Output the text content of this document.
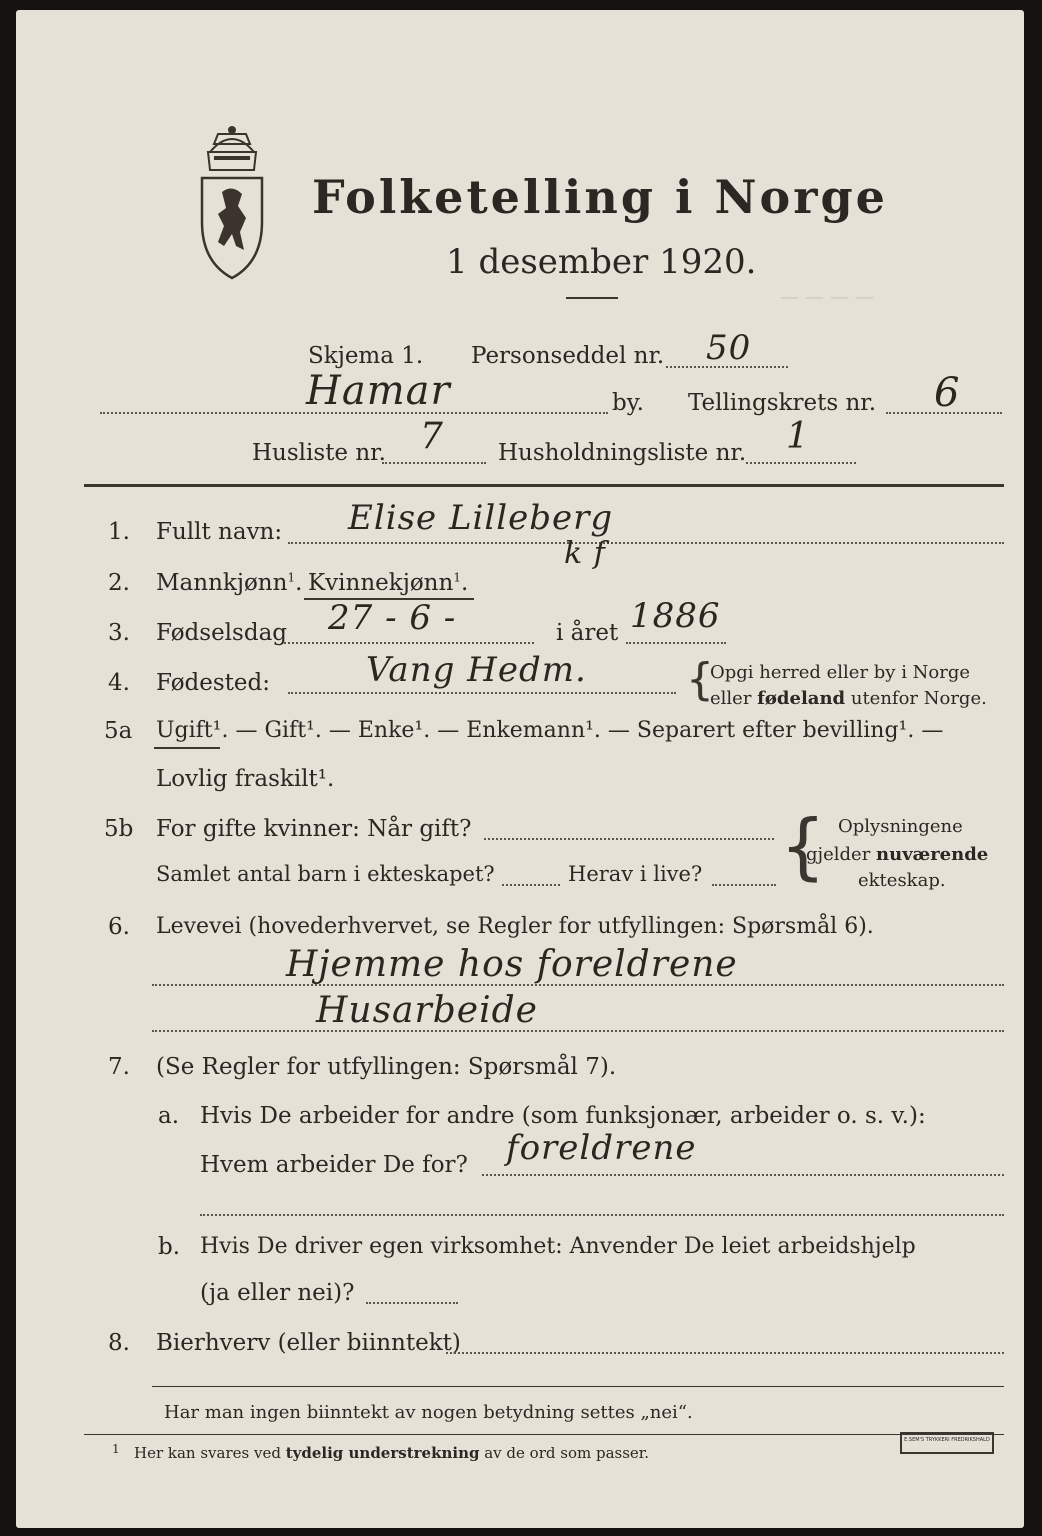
Folketelling i Norge
1 desember 1920.
— — — —
Skjema 1. Personseddel nr. 50
Hamar	by. Tellingskrets nr. 6
Husliste nr. 7 Husholdningsliste nr. 1
1. Fullt navn: Elise Lilleberg
2. Mannkjønn$^1$. Kvinnekjønn$^1$.
k f
3. Fødselsdag 27 - 6 -	i året 1886
4. Fødested:	Vang Hedm. {
Opgi herred eller by i Norge
eller fødeland utenfor Norge.
5a Ugift¹. — Gift¹. — Enke¹. — Enkemann¹. — Separert efter bevilling¹. —
Lovlig fraskilt¹.
5b For gifte kvinner: Når gift?
Samlet antal barn i ekteskapet?	Herav i live? { Oplysningene
gjelder nuværende
ekteskap.
6. Levevei (hovederhvervet, se Regler for utfyllingen: Spørsmål 6).
Hjemme hos foreldrene
Husarbeide
7. (Se Regler for utfyllingen: Spørsmål 7).
a. Hvis De arbeider for andre (som funksjonær, arbeider o. s. v.):
Hvem arbeider De for? foreldrene
b. Hvis De driver egen virksomhet: Anvender De leiet arbeidshjelp
(ja eller nei)?
8. Bierhverv (eller biinntekt)
Har man ingen biinntekt av nogen betydning settes „nei“.
1 Her kan svares ved tydelig understrekning av de ord som passer.
E.SEM'S TRYKKERI FREDRIKSHALD
